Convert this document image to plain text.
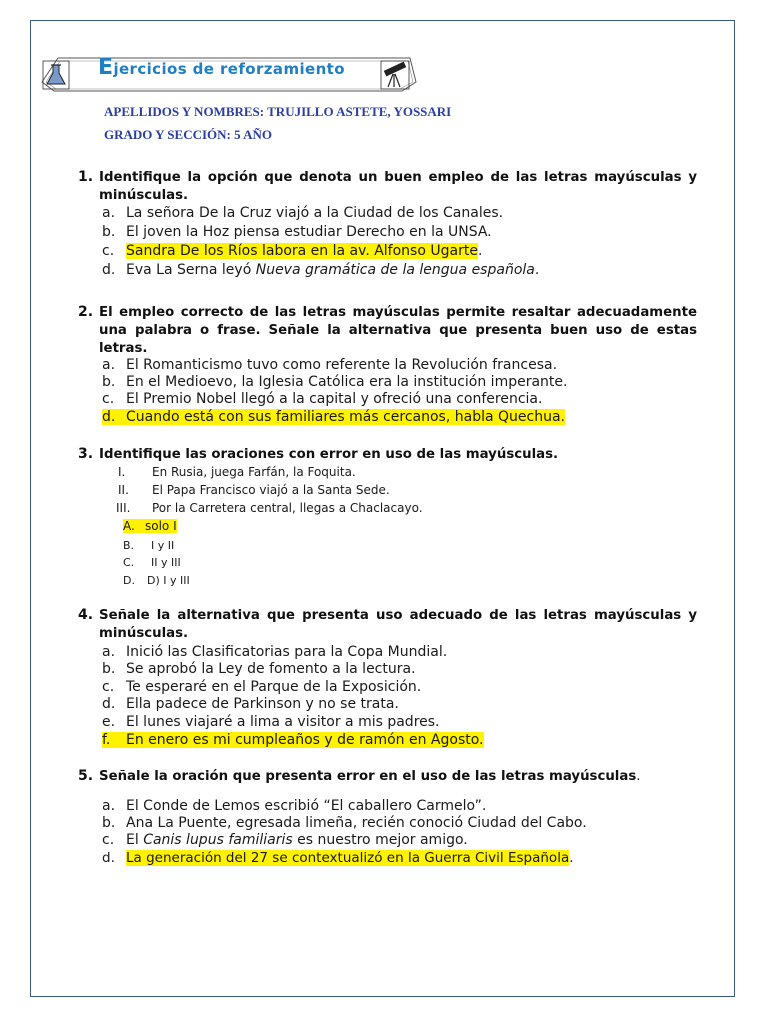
Ejercicios de reforzamiento
APELLIDOS Y NOMBRES: TRUJILLO ASTETE, YOSSARI
GRADO Y SECCIÓN: 5 AÑO
1. Identifique la opción que denota un buen empleo de las letras mayúsculas y minúsculas.
a. La señora De la Cruz viajó a la Ciudad de los Canales.
b. El joven la Hoz piensa estudiar Derecho en la UNSA.
c. Sandra De los Ríos labora en la av. Alfonso Ugarte.
d. Eva La Serna leyó Nueva gramática de la lengua española.
2. El empleo correcto de las letras mayúsculas permite resaltar adecuadamente una palabra o frase. Señale la alternativa que presenta buen uso de estas letras.
a. El Romanticismo tuvo como referente la Revolución francesa.
b. En el Medioevo, la Iglesia Católica era la institución imperante.
c. El Premio Nobel llegó a la capital y ofreció una conferencia.
d. Cuando está con sus familiares más cercanos, habla Quechua.
3. Identifique las oraciones con error en uso de las mayúsculas.
I. En Rusia, juega Farfán, la Foquita.
II. El Papa Francisco viajó a la Santa Sede.
III. Por la Carretera central, llegas a Chaclacayo.
A. solo I
B. I y II
C. II y III
D. D) I y III
4. Señale la alternativa que presenta uso adecuado de las letras mayúsculas y minúsculas.
a. Inició las Clasificatorias para la Copa Mundial.
b. Se aprobó la Ley de fomento a la lectura.
c. Te esperaré en el Parque de la Exposición.
d. Ella padece de Parkinson y no se trata.
e. El lunes viajaré a lima a visitor a mis padres.
f. En enero es mi cumpleaños y de ramón en Agosto.
5. Señale la oración que presenta error en el uso de las letras mayúsculas.
a. El Conde de Lemos escribió “El caballero Carmelo”.
b. Ana La Puente, egresada limeña, recién conoció Ciudad del Cabo.
c. El Canis lupus familiaris es nuestro mejor amigo.
d. La generación del 27 se contextualizó en la Guerra Civil Española.
